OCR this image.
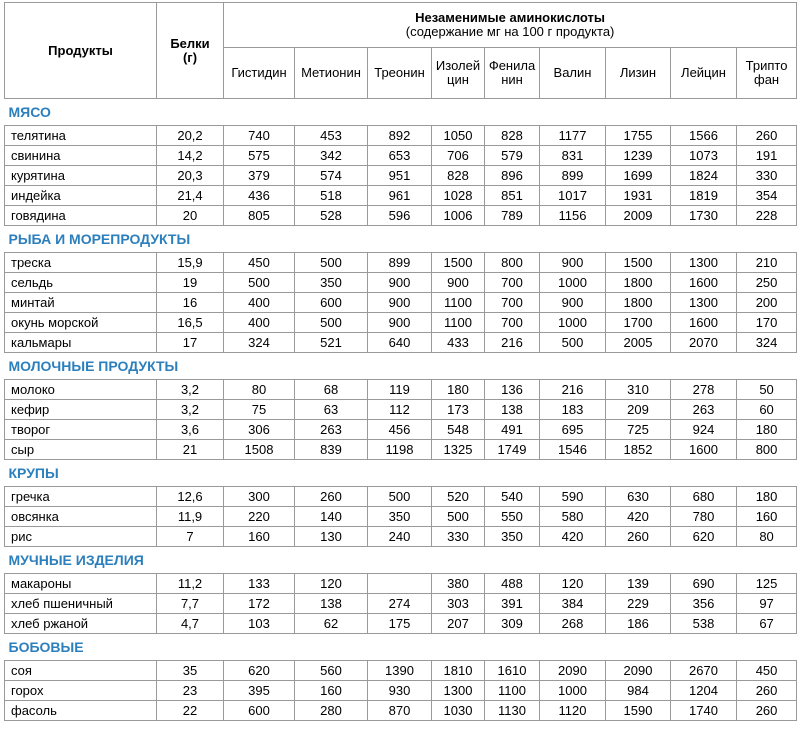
Продукты	Белки
(г)	Незаменимые аминокислоты
(содержание мг на 100 г продукта)								

		Гистидин	Метионин	Треонин	Изолей
цин	Фенила
нин	Валин	Лизин	Лейцин	Трипто
фан

МЯСО										
телятина	20,2	740	453	892	1050	828	1177	1755	1566	260
свинина	14,2	575	342	653	706	579	831	1239	1073	191
курятина	20,3	379	574	951	828	896	899	1699	1824	330
индейка	21,4	436	518	961	1028	851	1017	1931	1819	354
говядина	20	805	528	596	1006	789	1156	2009	1730	228
РЫБА И МОРЕПРОДУКТЫ										
треска	15,9	450	500	899	1500	800	900	1500	1300	210
сельдь	19	500	350	900	900	700	1000	1800	1600	250
минтай	16	400	600	900	1100	700	900	1800	1300	200
окунь морской	16,5	400	500	900	1100	700	1000	1700	1600	170
кальмары	17	324	521	640	433	216	500	2005	2070	324
МОЛОЧНЫЕ ПРОДУКТЫ										
молоко	3,2	80	68	119	180	136	216	310	278	50
кефир	3,2	75	63	112	173	138	183	209	263	60
творог	3,6	306	263	456	548	491	695	725	924	180
сыр	21	1508	839	1198	1325	1749	1546	1852	1600	800
КРУПЫ										
гречка	12,6	300	260	500	520	540	590	630	680	180
овсянка	11,9	220	140	350	500	550	580	420	780	160
рис	7	160	130	240	330	350	420	260	620	80
МУЧНЫЕ ИЗДЕЛИЯ										
макароны	11,2	133	120		380	488	120	139	690	125
хлеб пшеничный	7,7	172	138	274	303	391	384	229	356	97
хлеб ржаной	4,7	103	62	175	207	309	268	186	538	67
БОБОВЫЕ										
соя	35	620	560	1390	1810	1610	2090	2090	2670	450
горох	23	395	160	930	1300	1100	1000	984	1204	260
фасоль	22	600	280	870	1030	1130	1120	1590	1740	260
